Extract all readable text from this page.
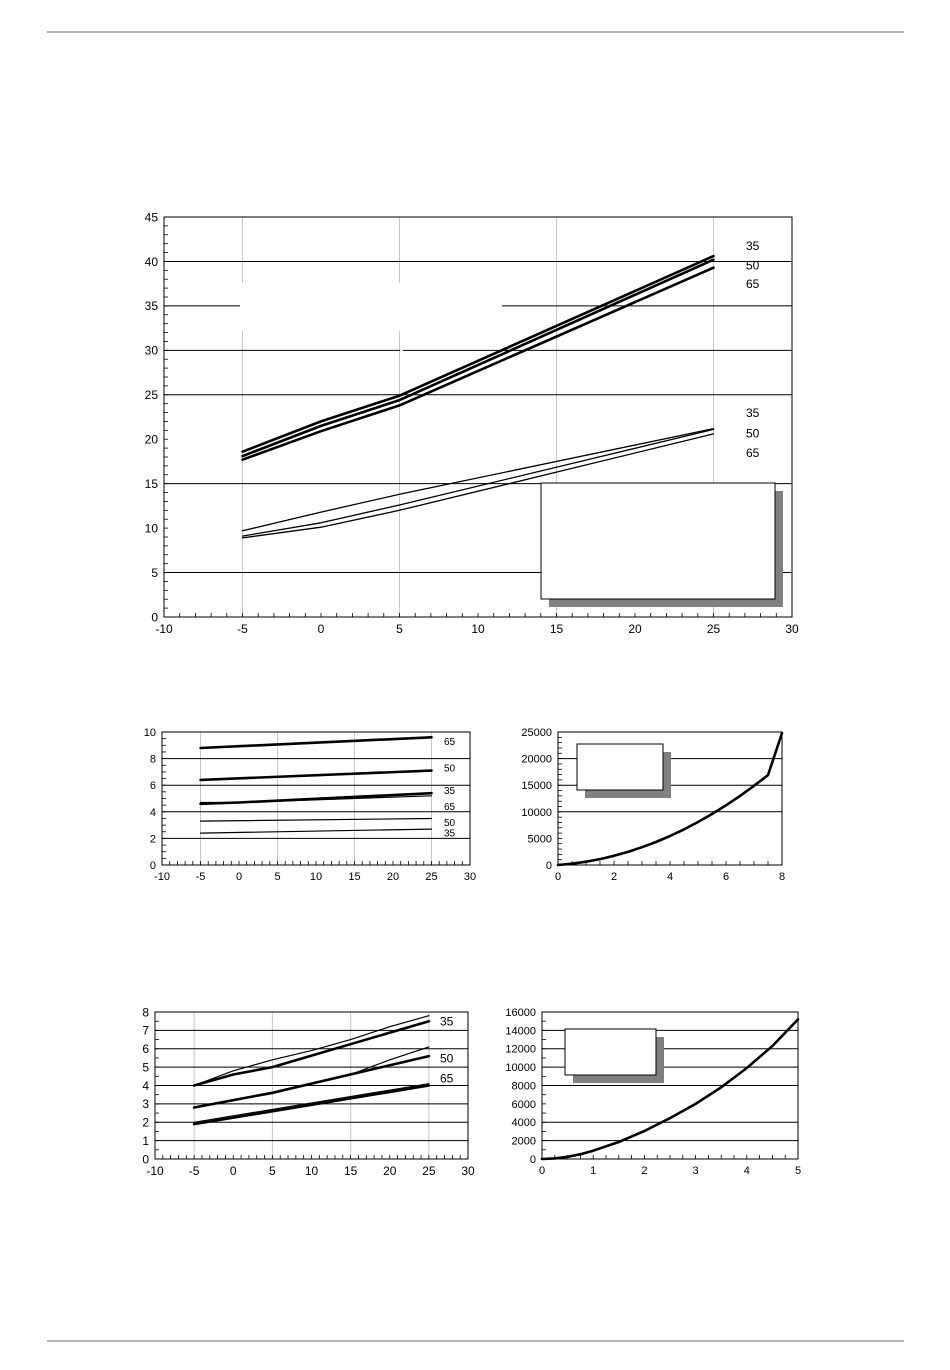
-10	-5	0	5	10	15	20	25	30
0
5
10
15
20
25
30
35
40
45
35
50
65
35
50
65
-10 -5	0	5	10 15 20 25 30
0
2
4
6
8
10
65
50
35
65
50
35
0	2	4	6	8
0
5000
10000
15000
20000
25000
-10 -5	0	5 10 15 20 25 30
0
1
2
3
4
5
6
7
8
35
50
65
0	1	2	3	4	5
0
2000
4000
6000
8000
10000
12000
14000
16000
